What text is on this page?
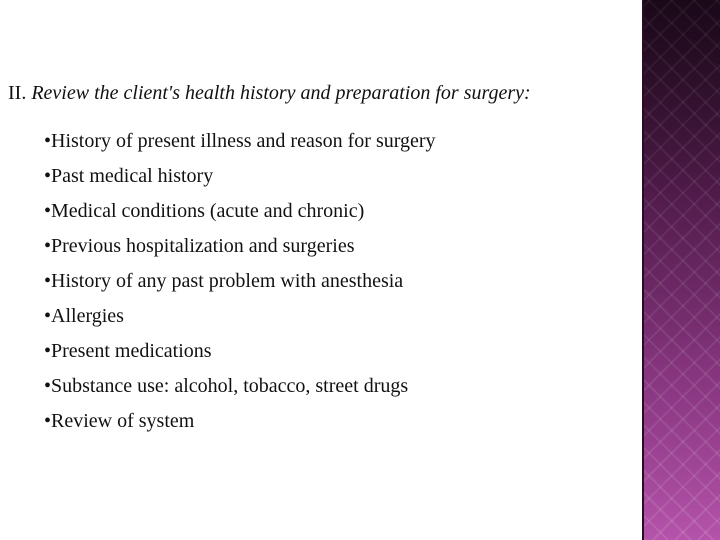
II. Review the client's health history and preparation for surgery:
•History of present illness and reason for surgery
•Past medical history
•Medical conditions (acute and chronic)
•Previous hospitalization and surgeries
•History of any past problem with anesthesia
•Allergies
•Present medications
•Substance use: alcohol, tobacco, street drugs
•Review of system
